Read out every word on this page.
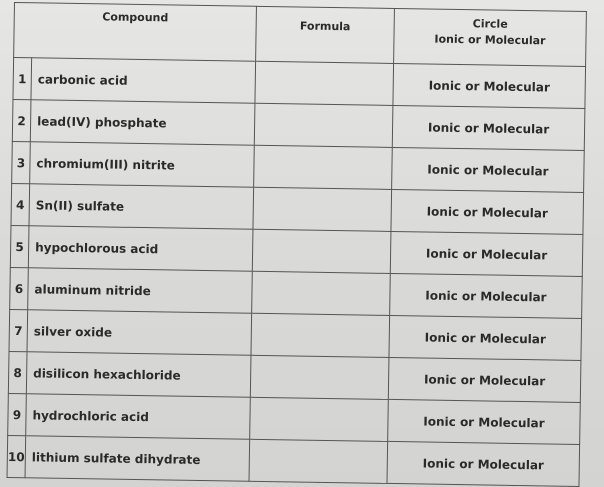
Compound		Formula	Circle
Ionic or Molecular

1	carbonic acid		Ionic or Molecular
2	lead(IV) phosphate		Ionic or Molecular
3	chromium(III) nitrite		Ionic or Molecular
4	Sn(II) sulfate		Ionic or Molecular
5	hypochlorous acid		Ionic or Molecular
6	aluminum nitride		Ionic or Molecular
7	silver oxide		Ionic or Molecular
8	disilicon hexachloride		Ionic or Molecular
9	hydrochloric acid		Ionic or Molecular
10	lithium sulfate dihydrate		Ionic or Molecular
